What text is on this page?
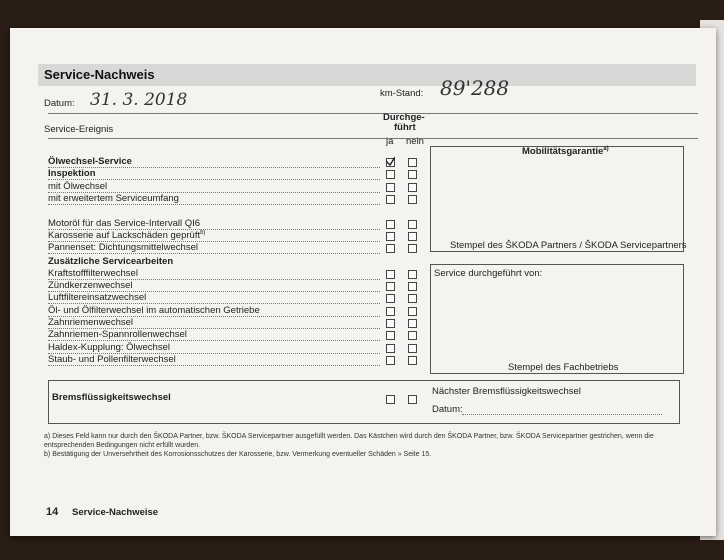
Service-Nachweis
Datum: 31. 3. 2018	km-Stand: 89'288
Service-Ereignis
Durchge-
führt
ja nein
Ölwechsel-Service
Inspektion
mit Ölwechsel
mit erweitertem Serviceumfang
Motoröl für das Service-Intervall QI6
Karosserie auf Lackschäden geprüft$^{b)}$
Pannenset: Dichtungsmittelwechsel
Kraftstofffilterwechsel
Zündkerzenwechsel
Luftfiltereinsatzwechsel
Öl- und Ölfilterwechsel im automatischen Getriebe
Zahnriemenwechsel
Zahnriemen-Spannrollenwechsel
Haldex-Kupplung: Ölwechsel
Staub- und Pollenfilterwechsel
Zusätzliche Servicearbeiten
Mobilitätsgarantie$^{a)}$
Stempel des ŠKODA Partners / ŠKODA Servicepartners
Service durchgeführt von:
Stempel des Fachbetriebs
Bremsflüssigkeitswechsel
Nächster Bremsflüssigkeitswechsel
Datum:
a) Dieses Feld kann nur durch den ŠKODA Partner, bzw. ŠKODA Servicepartner ausgefüllt werden. Das Kästchen wird durch den ŠKODA Partner, bzw. ŠKODA Servicepartner gestrichen, wenn die entsprechenden Bedingungen nicht erfüllt wurden.
b) Bestätigung der Unversehrtheit des Korrosionsschutzes der Karosserie, bzw. Vermerkung eventueller Schäden » Seite 15.
14 Service-Nachweise
